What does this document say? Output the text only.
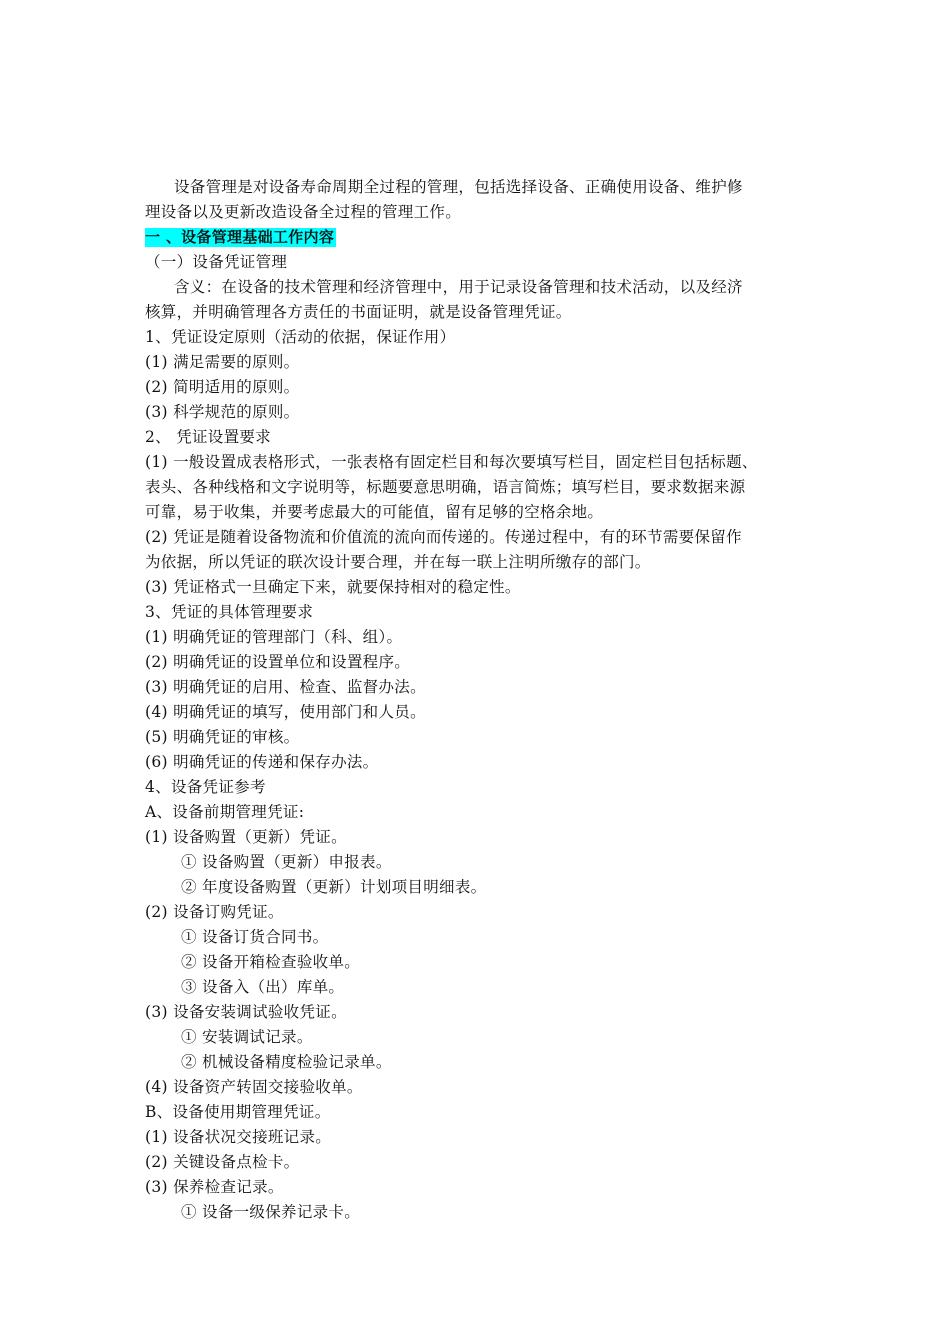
设备管理是对设备寿命周期全过程的管理，包括选择设备、正确使用设备、维护修
理设备以及更新改造设备全过程的管理工作。
一 、设备管理基础工作内容
（一）设备凭证管理
含义：在设备的技术管理和经济管理中，用于记录设备管理和技术活动，以及经济
核算，并明确管理各方责任的书面证明，就是设备管理凭证。
1、凭证设定原则（活动的依据，保证作用）
(1) 满足需要的原则。
(2) 简明适用的原则。
(3) 科学规范的原则。
2、 凭证设置要求
(1) 一般设置成表格形式，一张表格有固定栏目和每次要填写栏目，固定栏目包括标题、
表头、各种线格和文字说明等，标题要意思明确，语言简炼；填写栏目，要求数据来源
可靠，易于收集，并要考虑最大的可能值，留有足够的空格余地。
(2) 凭证是随着设备物流和价值流的流向而传递的。传递过程中，有的环节需要保留作
为依据，所以凭证的联次设计要合理，并在每一联上注明所缴存的部门。
(3) 凭证格式一旦确定下来，就要保持相对的稳定性。
3、凭证的具体管理要求
(1) 明确凭证的管理部门（科、组）。
(2) 明确凭证的设置单位和设置程序。
(3) 明确凭证的启用、检查、监督办法。
(4) 明确凭证的填写，使用部门和人员。
(5) 明确凭证的审核。
(6) 明确凭证的传递和保存办法。
4、设备凭证参考
A、设备前期管理凭证:
(1) 设备购置（更新）凭证。
① 设备购置（更新）申报表。
② 年度设备购置（更新）计划项目明细表。
(2) 设备订购凭证。
① 设备订货合同书。
② 设备开箱检查验收单。
③ 设备入（出）库单。
(3) 设备安装调试验收凭证。
① 安装调试记录。
② 机械设备精度检验记录单。
(4) 设备资产转固交接验收单。
B、设备使用期管理凭证。
(1) 设备状况交接班记录。
(2) 关键设备点检卡。
(3) 保养检查记录。
① 设备一级保养记录卡。
